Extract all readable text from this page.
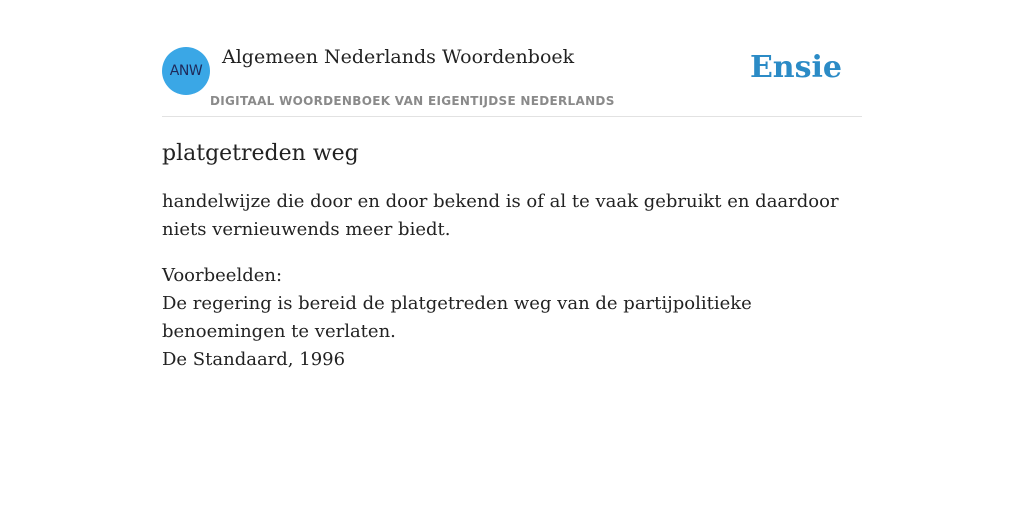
ANW
Algemeen Nederlands Woordenboek
DIGITAAL WOORDENBOEK VAN EIGENTIJDSE NEDERLANDS
Ensie
platgetreden weg

handelwijze die door en door bekend is of al te vaak gebruikt en daardoor niets vernieuwends meer biedt.

Voorbeelden:
De regering is bereid de platgetreden weg van de partijpolitieke benoemingen te verlaten.
De Standaard, 1996
